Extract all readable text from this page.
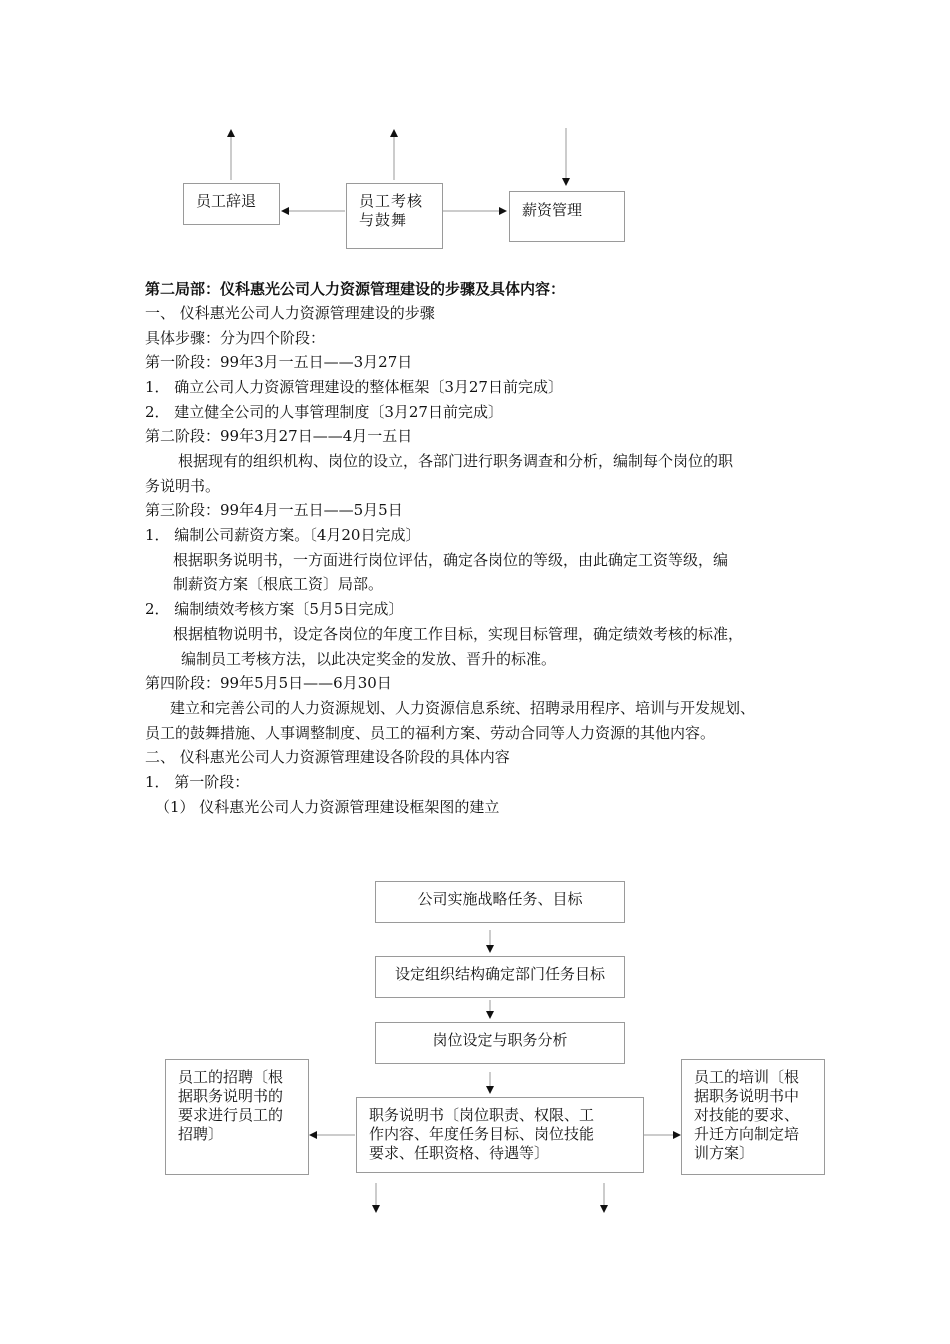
员工辞退	员工考核
与鼓舞
薪资管理
第二局部：仪科惠光公司人力资源管理建设的步骤及具体内容：
一、 仪科惠光公司人力资源管理建设的步骤
具体步骤：分为四个阶段：
第一阶段：99年3月一五日——3月27日
1． 确立公司人力资源管理建设的整体框架〔3月27日前完成〕
2． 建立健全公司的人事管理制度〔3月27日前完成〕
第二阶段：99年3月27日——4月一五日
根据现有的组织机构、岗位的设立，各部门进行职务调查和分析，编制每个岗位的职
务说明书。
第三阶段：99年4月一五日——5月5日
1． 编制公司薪资方案。〔4月20日完成〕
根据职务说明书，一方面进行岗位评估，确定各岗位的等级，由此确定工资等级，编
制薪资方案〔根底工资〕局部。
2． 编制绩效考核方案〔5月5日完成〕
根据植物说明书，设定各岗位的年度工作目标，实现目标管理，确定绩效考核的标准，
编制员工考核方法，以此决定奖金的发放、晋升的标准。
第四阶段：99年5月5日——6月30日
建立和完善公司的人力资源规划、人力资源信息系统、招聘录用程序、培训与开发规划、
员工的鼓舞措施、人事调整制度、员工的福利方案、劳动合同等人力资源的其他内容。
二、 仪科惠光公司人力资源管理建设各阶段的具体内容
1． 第一阶段：
（1） 仪科惠光公司人力资源管理建设框架图的建立
公司实施战略任务、目标
设定组织结构确定部门任务目标
岗位设定与职务分析
职务说明书〔岗位职责、权限、工
作内容、年度任务目标、岗位技能
要求、任职资格、待遇等〕
员工的招聘〔根
据职务说明书的
要求进行员工的
招聘〕
员工的培训〔根
据职务说明书中
对技能的要求、
升迁方向制定培
训方案〕
